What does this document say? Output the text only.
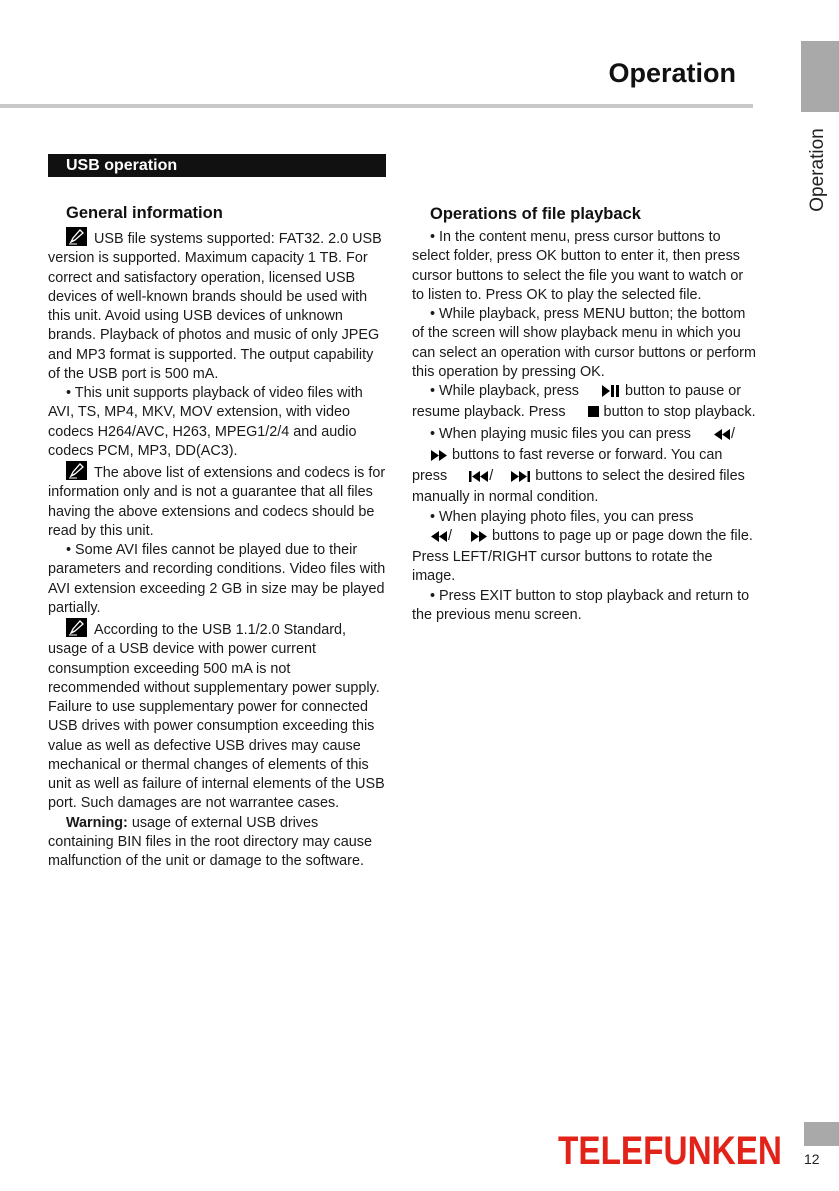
Operation
Operation
USB operation
General information

USB file systems supported: FAT32. 2.0 USB version is supported. Maximum capacity 1 TB. For correct and satisfactory operation, licensed USB devices of well-known brands should be used with this unit. Avoid using USB devices of unknown brands. Playback of photos and music of only JPEG and MP3 format is supported. The output capability of the USB port is 500 mA.

• This unit supports playback of video files with AVI, TS, MP4, MKV, MOV extension, with video codecs H264/AVC, H263, MPEG1/2/4 and audio codecs PCM, MP3, DD(AC3).

The above list of extensions and codecs is for information only and is not a guarantee that all files having the above extensions and codecs should be read by this unit.

• Some AVI files cannot be played due to their parameters and recording conditions. Video files with AVI extension exceeding 2 GB in size may be played partially.

According to the USB 1.1/2.0 Standard, usage of a USB device with power current consumption exceeding 500 mA is not recommended without supplementary power supply. Failure to use supplementary power for connected USB drives with power consumption exceeding this value as well as defective USB drives may cause mechanical or thermal changes of elements of this unit as well as failure of internal elements of the USB port. Such damages are not warrantee cases.

Warning: usage of external USB drives containing BIN files in the root directory may cause malfunction of the unit or damage to the software.

Operations of file playback

• In the content menu, press cursor buttons to select folder, press OK button to enter it, then press cursor buttons to select the file you want to watch or to listen to. Press OK to play the selected file.

• While playback, press MENU button; the bottom of the screen will show playback menu in which you can select an operation with cursor buttons or perform this operation by pressing OK.

• While playback, press	button to pause or resume playback. Press  button to stop playback.

• When playing music files you can press	/ buttons to fast reverse or forward. You can press	/	buttons to select the desired files manually in normal condition.

• When playing photo files, you can press
/	buttons to page up or page down the file. Press LEFT/RIGHT cursor buttons to rotate the image.

• Press EXIT button to stop playback and return to the previous menu screen.

TELEFUNKEN 12
